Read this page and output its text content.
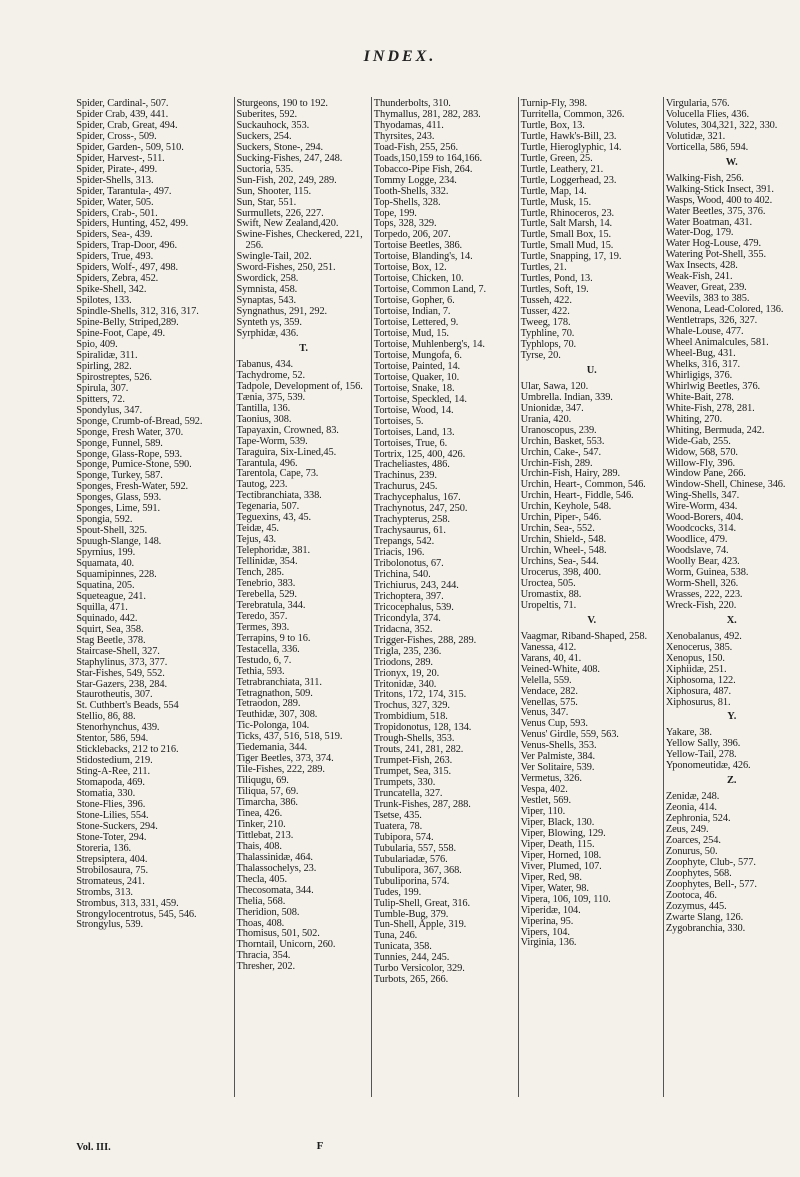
INDEX.
Spider, Cardinal-, 507.
Spider Crab, 439, 441.
Spider, Crab, Great, 494.
Spider, Cross-, 509.
Spider, Garden-, 509, 510.
Spider, Harvest-, 511.
Spider, Pirate-, 499.
Spider-Shells, 313.
Spider, Tarantula-, 497.
Spider, Water, 505.
Spiders, Crab-, 501.
Spiders, Hunting, 452, 499.
Spiders, Sea-, 439.
Spiders, Trap-Door, 496.
Spiders, True, 493.
Spiders, Wolf-, 497, 498.
Spiders, Zebra, 452.
Spike-Shell, 342.
Spilotes, 133.
Spindle-Shells, 312, 316, 317.
Spine-Belly, Striped,289.
Spine-Foot, Cape, 49.
Spio, 409.
Spiralidæ, 311.
Spirling, 282.
Spirostreptes, 526.
Spirula, 307.
Spitters, 72.
Spondylus, 347.
Sponge, Crumb-of-Bread, 592.
Sponge, Fresh Water, 370.
Sponge, Funnel, 589.
Sponge, Glass-Rope, 593.
Sponge, Pumice-Stone, 590.
Sponge, Turkey, 587.
Sponges, Fresh-Water, 592.
Sponges, Glass, 593.
Sponges, Lime, 591.
Spongia, 592.
Spout-Shell, 325.
Spuugh-Slange, 148.
Spyrnius, 199.
Squamata, 40.
Squamipinnes, 228.
Squatina, 205.
Squeteague, 241.
Squilla, 471.
Squinado, 442.
Squirt, Sea, 358.
Stag Beetle, 378.
Staircase-Shell, 327.
Staphylinus, 373, 377.
Star-Fishes, 549, 552.
Star-Gazers, 238, 284.
Staurotheutis, 307.
St. Cuthbert's Beads, 554
Stellio, 86, 88.
Stenorhynchus, 439.
Stentor, 586, 594.
Sticklebacks, 212 to 216.
Stidostedium, 219.
Sting-A-Ree, 211.
Stomapoda, 469.
Stomatia, 330.
Stone-Flies, 396.
Stone-Lilies, 554.
Stone-Suckers, 294.
Stone-Toter, 294.
Storeria, 136.
Strepsiptera, 404.
Strobilosaura, 75.
Stromateus, 241.
Strombs, 313.
Strombus, 313, 331, 459.
Strongylocentrotus, 545, 546.
Strongylus, 539.
Sturgeons, 190 to 192.
Suberites, 592.
Suckauhock, 353.
Suckers, 254.
Suckers, Stone-, 294.
Sucking-Fishes, 247, 248.
Suctoria, 535.
Sun-Fish, 202, 249, 289.
Sun, Shooter, 115.
Sun, Star, 551.
Surmullets, 226, 227.
Swift, New Zealand,420.
Swine-Fishes, Checkered, 221, 256.
Swingle-Tail, 202.
Sword-Fishes, 250, 251.
Swordick, 258.
Symnista, 458.
Synaptas, 543.
Syngnathus, 291, 292.
Synteth ys, 359.
Syrphidæ, 436.
T.
Tabanus, 434.
Tachydrome, 52.
Tadpole, Development of, 156.
Tænia, 375, 539.
Tantilla, 136.
Taonius, 308.
Tapayaxin, Crowned, 83.
Tape-Worm, 539.
Taraguira, Six-Lined,45.
Tarantula, 496.
Tarentola, Cape, 73.
Tautog, 223.
Tectibranchiata, 338.
Tegenaria, 507.
Teguexins, 43, 45.
Teidæ, 45.
Tejus, 43.
Telephoridæ, 381.
Tellinidæ, 354.
Tench, 285.
Tenebrio, 383.
Terebella, 529.
Terebratula, 344.
Teredo, 357.
Termes, 393.
Terrapins, 9 to 16.
Testacella, 336.
Testudo, 6, 7.
Tethia, 593.
Tetrabranchiata, 311.
Tetragnathon, 509.
Tetraodon, 289.
Teuthidæ, 307, 308.
Tic-Polonga, 104.
Ticks, 437, 516, 518, 519.
Tiedemania, 344.
Tiger Beetles, 373, 374.
Tile-Fishes, 222, 289.
Tiliqugu, 69.
Tiliqua, 57, 69.
Timarcha, 386.
Tinea, 426.
Tinker, 210.
Tittlebat, 213.
Thais, 408.
Thalassinidæ, 464.
Thalassochelys, 23.
Thecla, 405.
Thecosomata, 344.
Thelia, 568.
Theridion, 508.
Thoas, 408.
Thomisus, 501, 502.
Thorntail, Unicorn, 260.
Thracia, 354.
Thresher, 202.
Thunderbolts, 310.
Thymallus, 281, 282, 283.
Thyodamas, 411.
Thyrsites, 243.
Toad-Fish, 255, 256.
Toads,150,159 to 164,166.
Tobacco-Pipe Fish, 264.
Tommy Logge, 234.
Tooth-Shells, 332.
Top-Shells, 328.
Tope, 199.
Tops, 328, 329.
Torpedo, 206, 207.
Tortoise Beetles, 386.
Tortoise, Blanding's, 14.
Tortoise, Box, 12.
Tortoise, Chicken, 10.
Tortoise, Common Land, 7.
Tortoise, Gopher, 6.
Tortoise, Indian, 7.
Tortoise, Lettered, 9.
Tortoise, Mud, 15.
Tortoise, Muhlenberg's, 14.
Tortoise, Mungofa, 6.
Tortoise, Painted, 14.
Tortoise, Quaker, 10.
Tortoise, Snake, 18.
Tortoise, Speckled, 14.
Tortoise, Wood, 14.
Tortoises, 5.
Tortoises, Land, 13.
Tortoises, True, 6.
Tortrix, 125, 400, 426.
Tracheliastes, 486.
Trachinus, 239.
Trachurus, 245.
Trachycephalus, 167.
Trachynotus, 247, 250.
Trachypterus, 258.
Trachysaurus, 61.
Trepangs, 542.
Triacis, 196.
Tribolonotus, 67.
Trichina, 540.
Trichiurus, 243, 244.
Trichoptera, 397.
Tricocephalus, 539.
Tricondyla, 374.
Tridacna, 352.
Trigger-Fishes, 288, 289.
Trigla, 235, 236.
Triodons, 289.
Trionyx, 19, 20.
Tritonidæ, 340.
Tritons, 172, 174, 315.
Trochus, 327, 329.
Trombidium, 518.
Tropidonotus, 128, 134.
Trough-Shells, 353.
Trouts, 241, 281, 282.
Trumpet-Fish, 263.
Trumpet, Sea, 315.
Trumpets, 330.
Truncatella, 327.
Trunk-Fishes, 287, 288.
Tsetse, 435.
Tuatera, 78.
Tubipora, 574.
Tubularia, 557, 558.
Tubulariadæ, 576.
Tubulipora, 367, 368.
Tubuliporina, 574.
Tudes, 199.
Tulip-Shell, Great, 316.
Tumble-Bug, 379.
Tun-Shell, Apple, 319.
Tuna, 246.
Tunicata, 358.
Tunnies, 244, 245.
Turbo Versicolor, 329.
Turbots, 265, 266.
Turnip-Fly, 398.
Turritella, Common, 326.
Turtle, Box, 13.
Turtle, Hawk's-Bill, 23.
Turtle, Hieroglyphic, 14.
Turtle, Green, 25.
Turtle, Leathery, 21.
Turtle, Loggerhead, 23.
Turtle, Map, 14.
Turtle, Musk, 15.
Turtle, Rhinoceros, 23.
Turtle, Salt Marsh, 14.
Turtle, Small Box, 15.
Turtle, Small Mud, 15.
Turtle, Snapping, 17, 19.
Turtles, 21.
Turtles, Pond, 13.
Turtles, Soft, 19.
Tusseh, 422.
Tusser, 422.
Tweeg, 178.
Typhline, 70.
Typhlops, 70.
Tyrse, 20.
U.
Ular, Sawa, 120.
Umbrella. Indian, 339.
Unionidæ, 347.
Urania, 420.
Uranoscopus, 239.
Urchin, Basket, 553.
Urchin, Cake-, 547.
Urchin-Fish, 289.
Urchin-Fish, Hairy, 289.
Urchin, Heart-, Common, 546.
Urchin, Heart-, Fiddle, 546.
Urchin, Keyhole, 548.
Urchin, Piper-, 546.
Urchin, Sea-, 552.
Urchin, Shield-, 548.
Urchin, Wheel-, 548.
Urchins, Sea-, 544.
Urocerus, 398, 400.
Uroctea, 505.
Uromastix, 88.
Uropeltis, 71.
V.
Vaagmar, Riband-Shaped, 258.
Vanessa, 412.
Varans, 40, 41.
Veined-White, 408.
Velella, 559.
Vendace, 282.
Venellas, 575.
Venus, 347.
Venus Cup, 593.
Venus' Girdle, 559, 563.
Venus-Shells, 353.
Ver Palmiste, 384.
Ver Solitaire, 539.
Vermetus, 326.
Vespa, 402.
Vestlet, 569.
Viper, 110.
Viper, Black, 130.
Viper, Blowing, 129.
Viper, Death, 115.
Viper, Horned, 108.
Viver, Plumed, 107.
Viper, Red, 98.
Viper, Water, 98.
Vipera, 106, 109, 110.
Viperidæ, 104.
Viperina, 95.
Vipers, 104.
Virginia, 136.
Virgularia, 576.
Volucella Flies, 436.
Volutes, 304,321, 322, 330.
Volutidæ, 321.
Vorticella, 586, 594.
W.
Walking-Fish, 256.
Walking-Stick Insect, 391.
Wasps, Wood, 400 to 402.
Water Beetles, 375, 376.
Water Boatman, 431.
Water-Dog, 179.
Water Hog-Louse, 479.
Watering Pot-Shell, 355.
Wax Insects, 428.
Weak-Fish, 241.
Weaver, Great, 239.
Weevils, 383 to 385.
Wenona, Lead-Colored, 136.
Wentletraps, 326, 327.
Whale-Louse, 477.
Wheel Animalcules, 581.
Wheel-Bug, 431.
Whelks, 316, 317.
Whirligigs, 376.
Whirlwig Beetles, 376.
White-Bait, 278.
White-Fish, 278, 281.
Whiting, 270.
Whiting, Bermuda, 242.
Wide-Gab, 255.
Widow, 568, 570.
Willow-Fly, 396.
Window Pane, 266.
Window-Shell, Chinese, 346.
Wing-Shells, 347.
Wire-Worm, 434.
Wood-Borers, 404.
Woodcocks, 314.
Woodlice, 479.
Woodslave, 74.
Woolly Bear, 423.
Worm, Guinea, 538.
Worm-Shell, 326.
Wrasses, 222, 223.
Wreck-Fish, 220.
X.
Xenobalanus, 492.
Xenocerus, 385.
Xenopus, 150.
Xiphiidæ, 251.
Xiphosoma, 122.
Xiphosura, 487.
Xiphosurus, 81.
Y.
Yakare, 38.
Yellow Sally, 396.
Yellow-Tail, 278.
Yponomeutidæ, 426.
Z.
Zenidæ, 248.
Zeonia, 414.
Zephronia, 524.
Zeus, 249.
Zoarces, 254.
Zonurus, 50.
Zoophyte, Club-, 577.
Zoophytes, 568.
Zoophytes, Bell-, 577.
Zootoca, 46.
Zozymus, 445.
Zwarte Slang, 126.
Zygobranchia, 330.
Vol. III.	F
